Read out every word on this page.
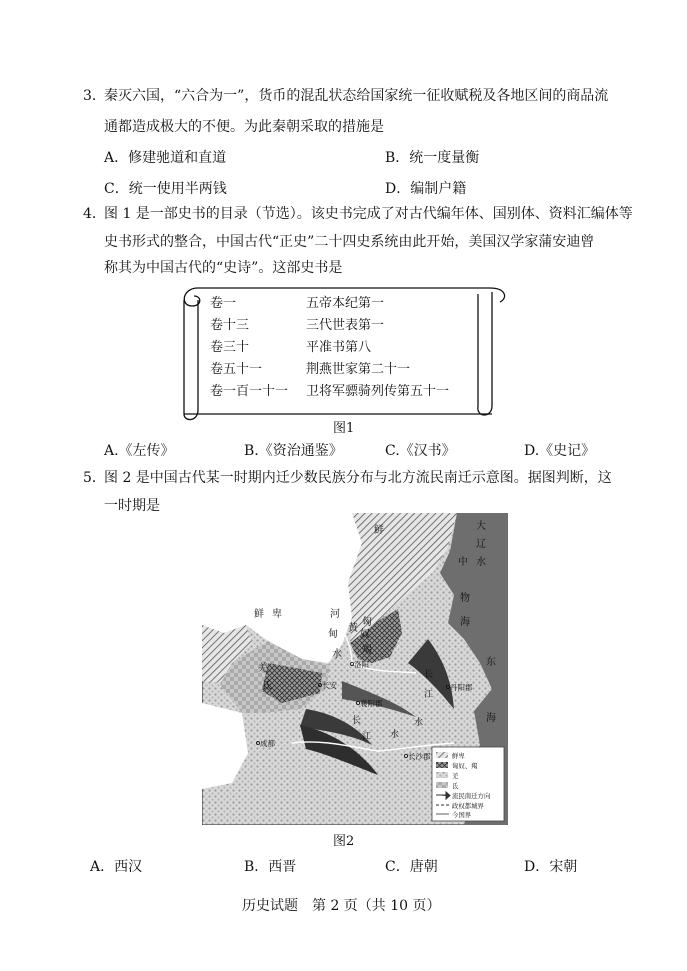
3．
秦灭六国，“六合为一”，货币的混乱状态给国家统一征收赋税及各地区间的商品流
通都造成极大的不便。为此秦朝采取的措施是
A．修建驰道和直道	B．统一度量衡
C．统一使用半两钱	D．编制户籍
4．
图 1 是一部史书的目录（节选）。该史书完成了对古代编年体、国别体、资料汇编体等
史书形式的整合，中国古代“正史”二十四史系统由此开始，美国汉学家蒲安迪曾
称其为中国古代的“史诗”。这部史书是
卷一	五帝本纪第一
卷十三	三代世表第一
卷三十	平准书第八
卷五十一	荆燕世家第二十一
卷一百一十一	卫将军骠骑列传第五十一
图1
A.《左传》	B.《资治通鉴》	C.《汉书》	D.《史记》
5．
图 2 是中国古代某一时期内迁少数民族分布与北方流民南迁示意图。据图判断，这
一时期是
鲜卑
匈奴、羯
羌
氐
流民南迁方向
政权都城界
今国界
鲜
鲜 卑	河
甸
水
黄
匈
奴
羯
羌
氐
洛阳
长安
襄阳郡
丹阳郡
成都
长沙郡
长
江
水
长
江 水
大
辽
水
中
物
海
东
海
图2
A．西汉	B．西晋	C．唐朝	D．宋朝
历史试题　第 2 页（共 10 页）
